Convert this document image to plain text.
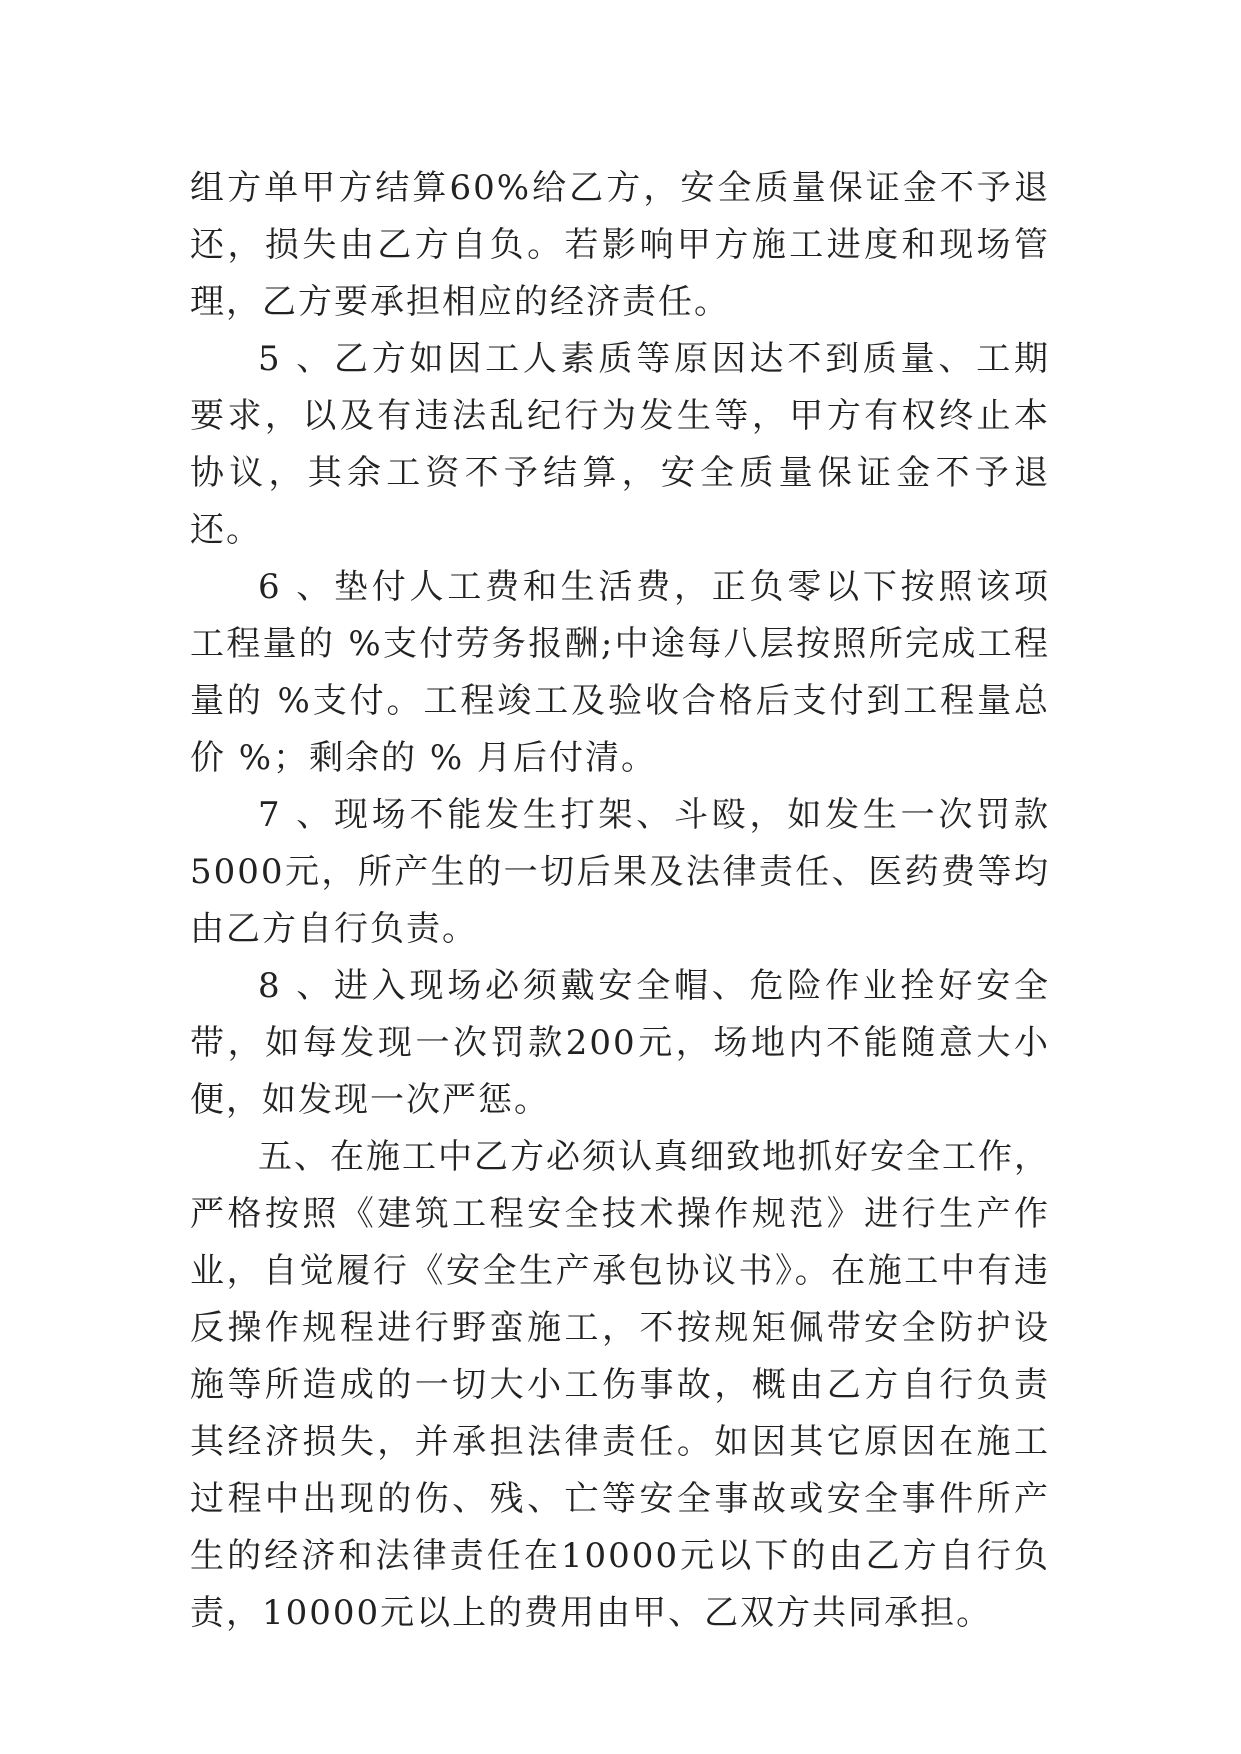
组方单甲方结算60%给乙方，安全质量保证金不予退还，损失由乙方自负。若影响甲方施工进度和现场管理，乙方要承担相应的经济责任。

5 、乙方如因工人素质等原因达不到质量、工期要求，以及有违法乱纪行为发生等，甲方有权终止本协议，其余工资不予结算，安全质量保证金不予退还。

6 、垫付人工费和生活费，正负零以下按照该项工程量的 %支付劳务报酬;中途每八层按照所完成工程量的 %支付。工程竣工及验收合格后支付到工程量总价 %；剩余的 % 月后付清。

7 、现场不能发生打架、斗殴，如发生一次罚款5000元，所产生的一切后果及法律责任、医药费等均由乙方自行负责。

8 、进入现场必须戴安全帽、危险作业拴好安全带，如每发现一次罚款200元，场地内不能随意大小便，如发现一次严惩。

五、在施工中乙方必须认真细致地抓好安全工作，严格按照《建筑工程安全技术操作规范》进行生产作业，自觉履行《安全生产承包协议书》。在施工中有违反操作规程进行野蛮施工，不按规矩佩带安全防护设施等所造成的一切大小工伤事故，概由乙方自行负责其经济损失，并承担法律责任。如因其它原因在施工过程中出现的伤、残、亡等安全事故或安全事件所产生的经济和法律责任在10000元以下的由乙方自行负责，10000元以上的费用由甲、乙双方共同承担。
